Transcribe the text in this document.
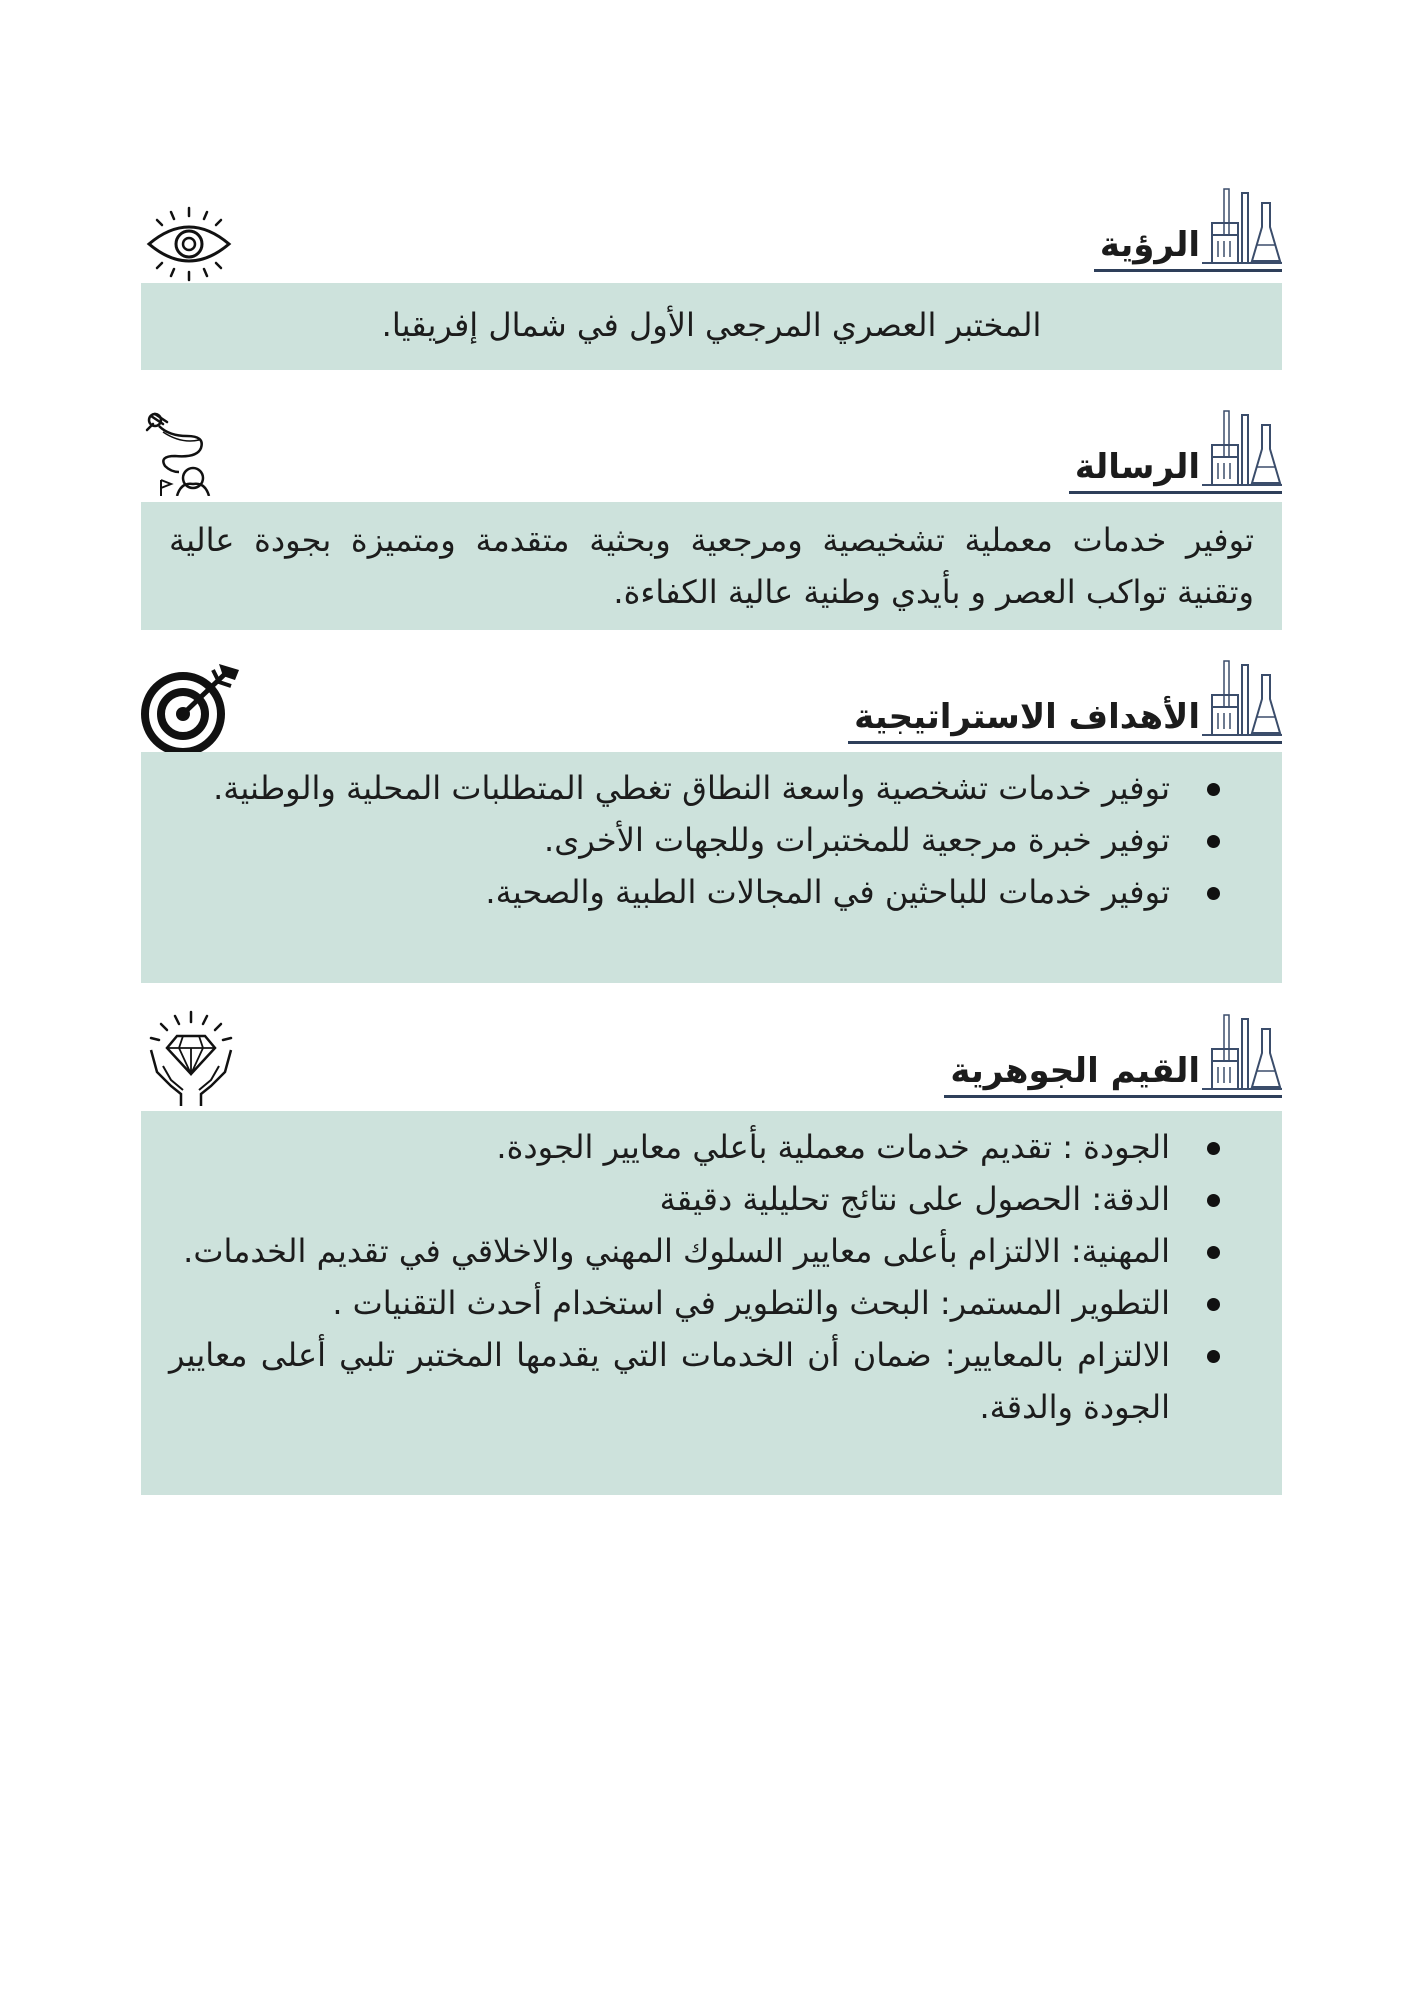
الرؤية

المختبر العصري المرجعي الأول في شمال إفريقيا.

الرسالة

توفير خدمات معملية تشخيصية ومرجعية وبحثية متقدمة ومتميزة بجودة عالية وتقنية تواكب العصر و بأيدي وطنية عالية الكفاءة.

الأهداف الاستراتيجية
توفير خدمات تشخصية واسعة النطاق تغطي المتطلبات المحلية والوطنية.
توفير خبرة مرجعية للمختبرات وللجهات الأخرى.
توفير خدمات للباحثين في المجالات الطبية والصحية.
القيم الجوهرية
الجودة : تقديم خدمات معملية بأعلي معايير الجودة.
الدقة: الحصول على نتائج تحليلية دقيقة
المهنية: الالتزام بأعلى معايير السلوك المهني والاخلاقي في تقديم الخدمات.
التطوير المستمر: البحث والتطوير في استخدام أحدث التقنيات .
الالتزام بالمعايير: ضمان أن الخدمات التي يقدمها المختبر تلبي أعلى معايير الجودة والدقة.
